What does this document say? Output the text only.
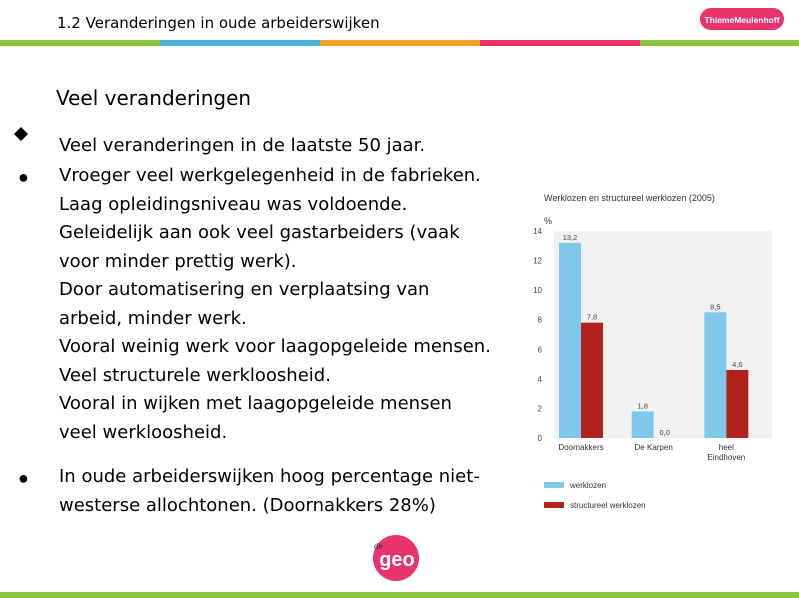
1.2 Veranderingen in oude arbeiderswijken	ThiemeMeulenhoff
Veel veranderingen
Veel veranderingen in de laatste 50 jaar.
● Vroeger veel werkgelegenheid in de fabrieken.
Laag opleidingsniveau was voldoende.
Geleidelijk aan ook veel gastarbeiders (vaak
voor minder prettig werk).
Door automatisering en verplaatsing van
arbeid, minder werk.
Vooral weinig werk voor laagopgeleide mensen.
Veel structurele werkloosheid.
Vooral in wijken met laagopgeleide mensen
veel werkloosheid.
● In oude arbeiderswijken hoog percentage niet-
westerse allochtonen. (Doornakkers 28%)
Werklozen en structureel werklozen (2005)
%
0
2
4
6
8
10
12
14
13,2
7,8
Doornakkers
1,8
0,0
De Karpen
8,5
4,6
heel
Eindhoven
werklozen
structureel werklozen
de
geo
